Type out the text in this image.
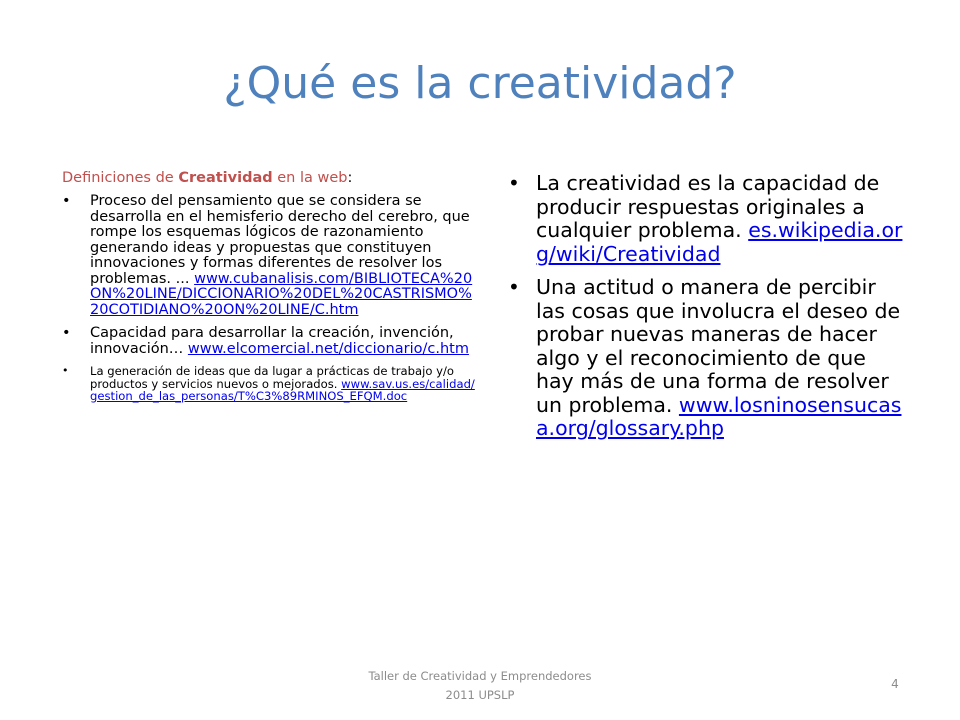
¿Qué es la creatividad?

Definiciones de Creatividad en la web:

• Proceso del pensamiento que se considera se desarrolla en el hemisferio derecho del cerebro, que rompe los esquemas lógicos de razonamiento generando ideas y propuestas que constituyen innovaciones y formas diferentes de resolver los problemas. ... www.cubanalisis.com/BIBLIOTECA%20ON%20LINE/DICCIONARIO%20DEL%20CASTRISMO%20COTIDIANO%20ON%20LINE/C.htm
• Capacidad para desarrollar la creación, invención, innovación… www.elcomercial.net/diccionario/c.htm
• La generación de ideas que da lugar a prácticas de trabajo y/o productos y servicios nuevos o mejorados. www.sav.us.es/calidad/gestion_de_las_personas/T%C3%89RMINOS_EFQM.doc
• La creatividad es la capacidad de producir respuestas originales a cualquier problema. es.wikipedia.org/wiki/Creatividad
• Una actitud o manera de percibir las cosas que involucra el deseo de probar nuevas maneras de hacer algo y el reconocimiento de que hay más de una forma de resolver un problema. www.losninosensucasa.org/glossary.php
Taller de Creatividad y Emprendedores
2011 UPSLP
4
